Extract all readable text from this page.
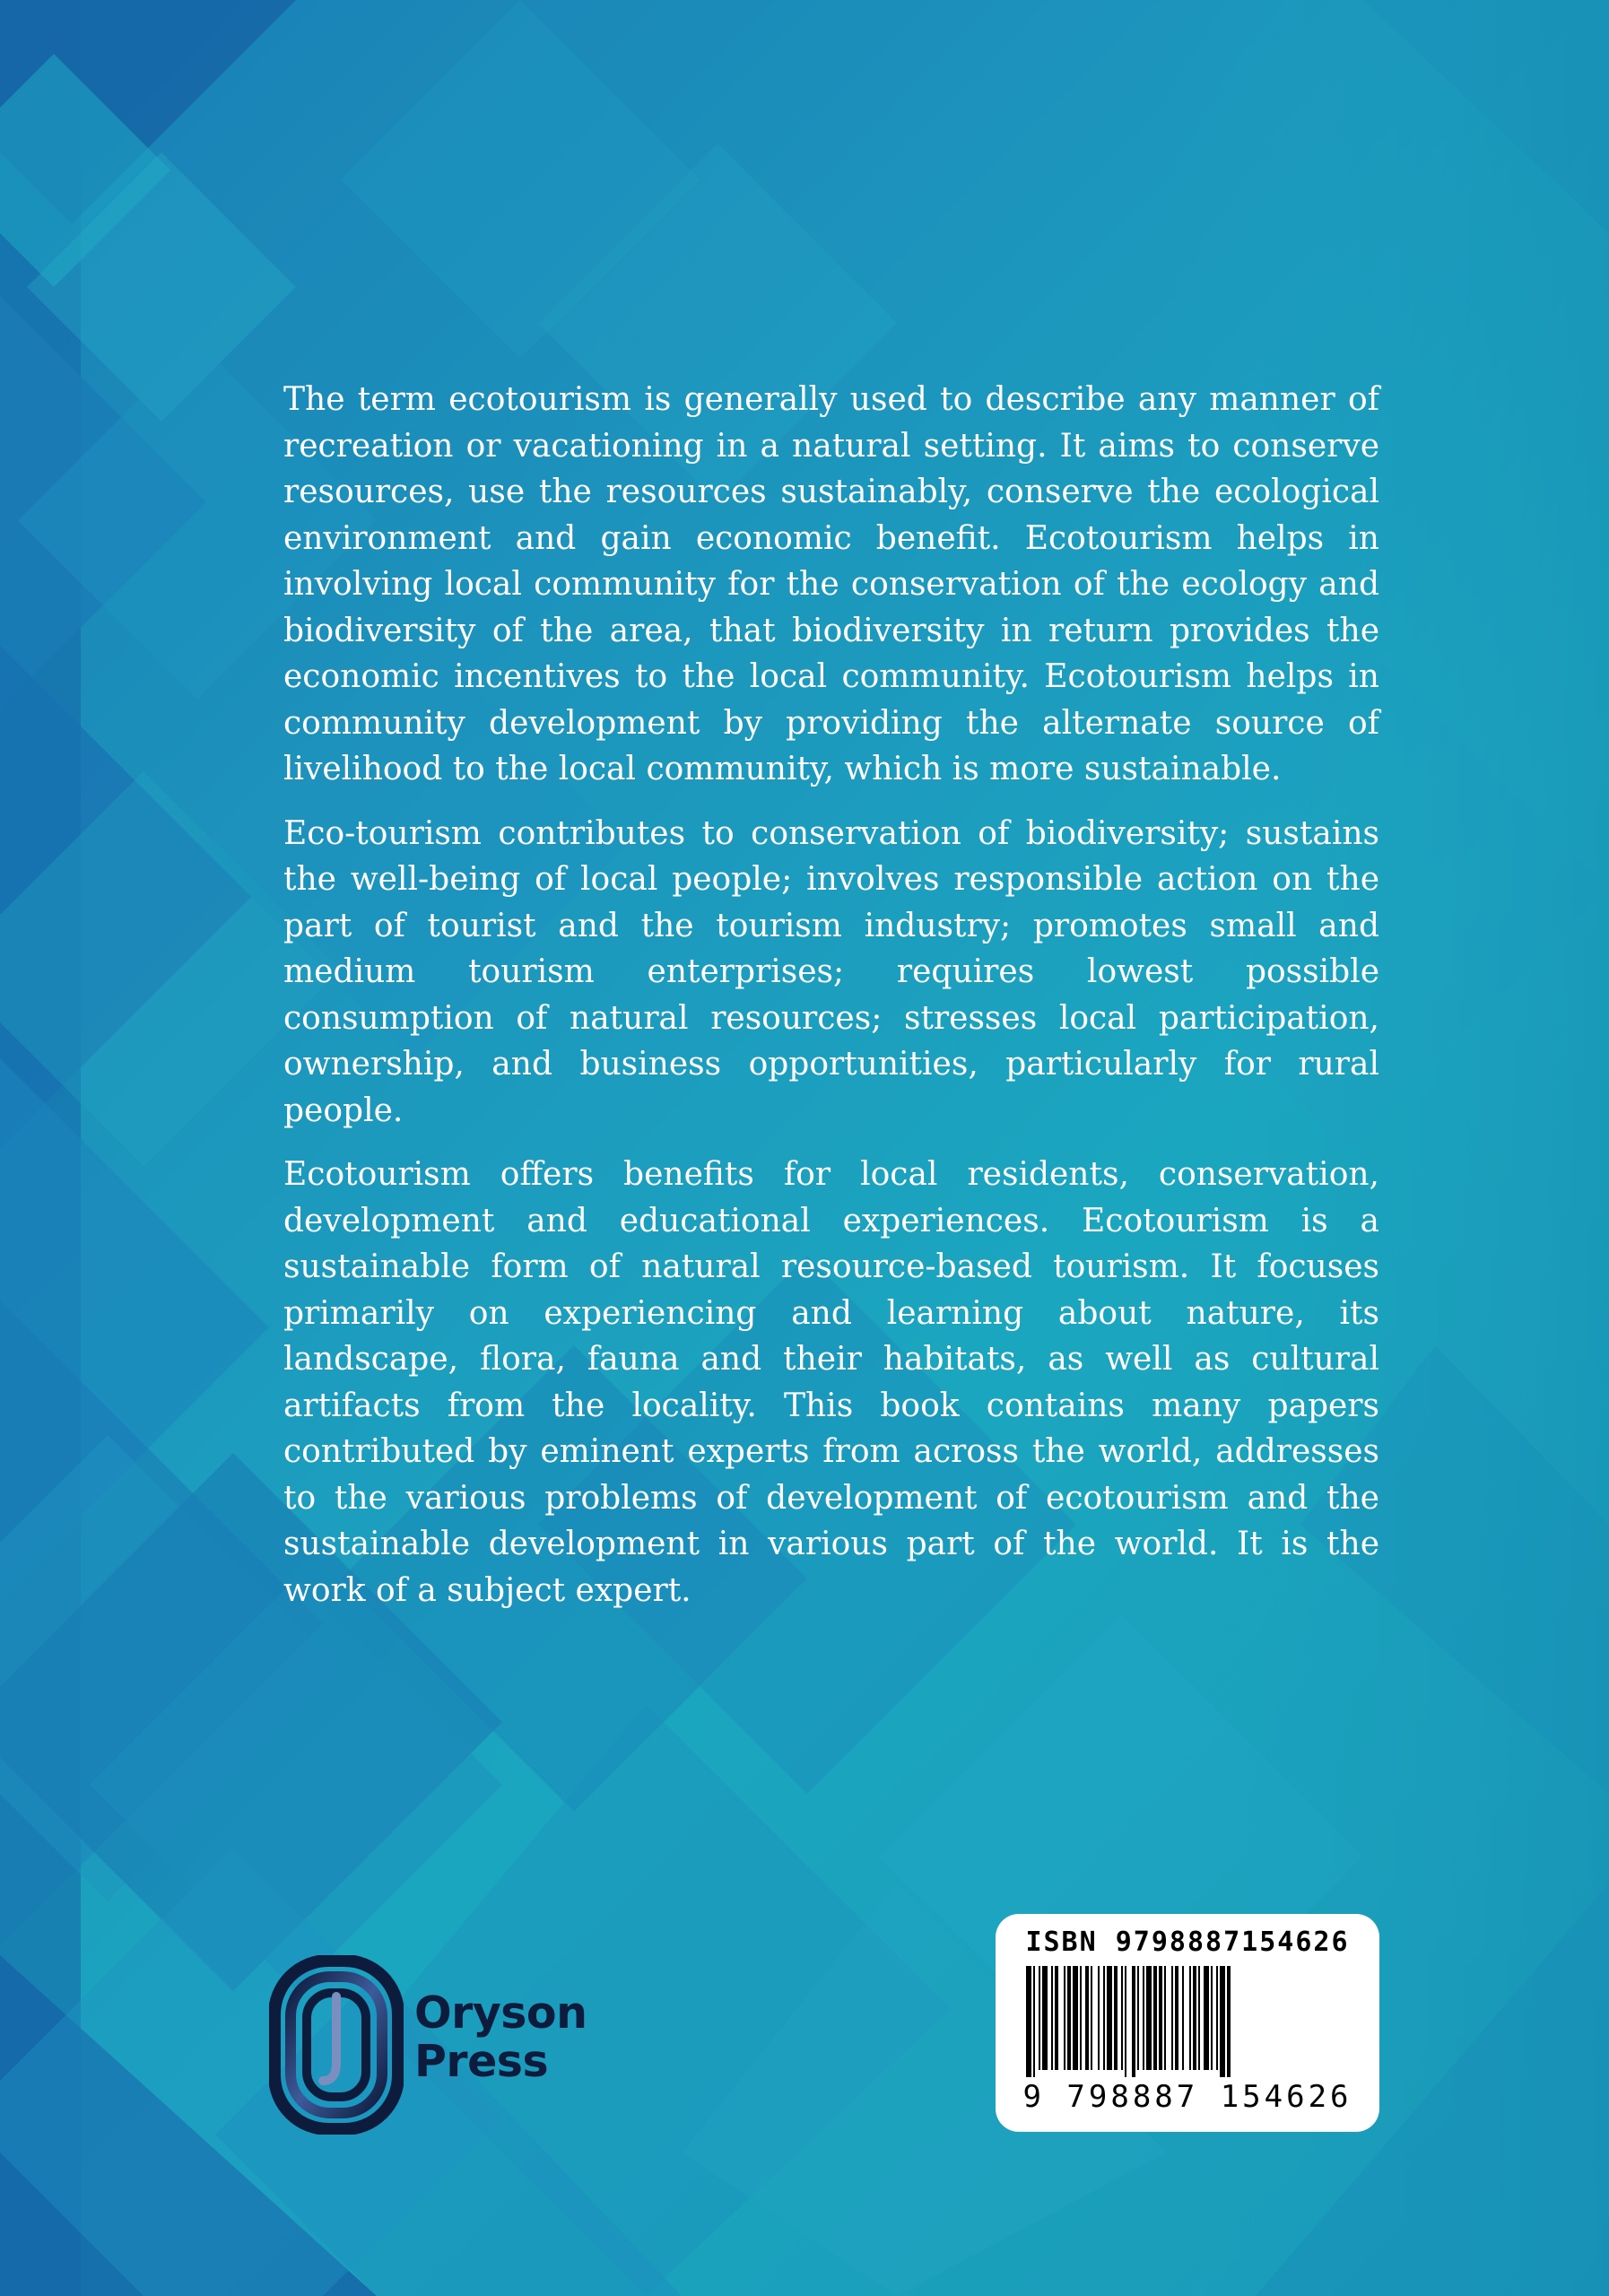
The term ecotourism is generally used to describe any manner of recreation or vacationing in a natural setting. It aims to conserve resources, use the resources sustainably, conserve the ecological environment and gain economic benefit. Ecotourism helps in involving local community for the conservation of the ecology and biodiversity of the area, that biodiversity in return provides the economic incentives to the local community. Ecotourism helps in community development by providing the alternate source of livelihood to the local community, which is more sustainable.

Eco-tourism contributes to conservation of biodiversity; sustains the well-being of local people; involves responsible action on the part of tourist and the tourism industry; promotes small and medium tourism enterprises; requires lowest possible consumption of natural resources; stresses local participation, ownership, and business opportunities, particularly for rural people.

Ecotourism offers benefits for local residents, conservation, development and educational experiences. Ecotourism is a sustainable form of natural resource-based tourism. It focuses primarily on experiencing and learning about nature, its landscape, flora, fauna and their habitats, as well as cultural artifacts from the locality. This book contains many papers contributed by eminent experts from across the world, addresses to the various problems of development of ecotourism and the sustainable development in various part of the world. It is the work of a subject expert.

Oryson
Press
ISBN 9798887154626
9 798887 154626
